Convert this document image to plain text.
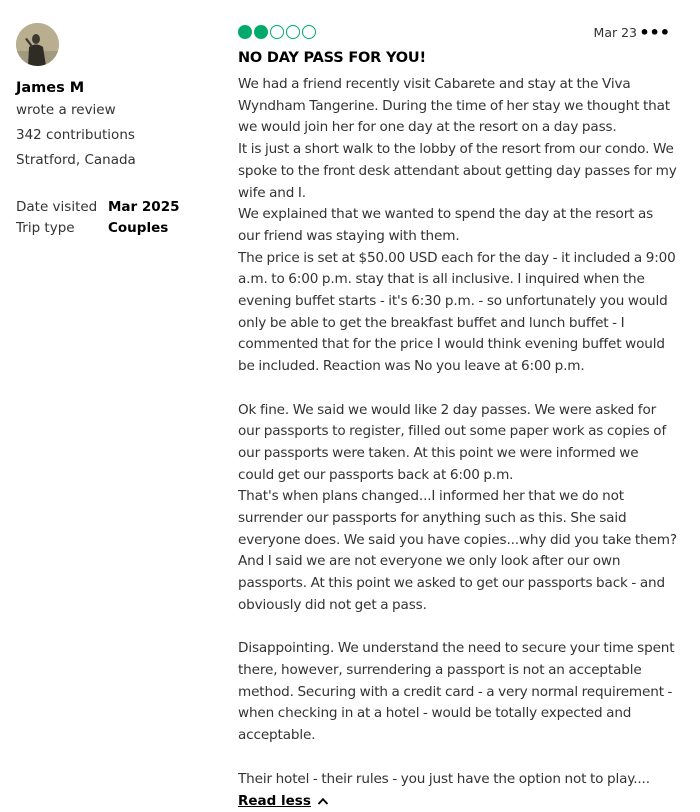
James M
wrote a review
342 contributions
Stratford, Canada
Date visited Mar 2025
Trip type	Couples
Mar 23 •••
NO DAY PASS FOR YOU!
We had a friend recently visit Cabarete and stay at the Viva Wyndham Tangerine. During the time of her stay we thought that we would join her for one day at the resort on a day pass.
It is just a short walk to the lobby of the resort from our condo. We spoke to the front desk attendant about getting day passes for my wife and I.
We explained that we wanted to spend the day at the resort as our friend was staying with them.
The price is set at $50.00 USD each for the day - it included a 9:00 a.m. to 6:00 p.m. stay that is all inclusive. I inquired when the evening buffet starts - it's 6:30 p.m. - so unfortunately you would only be able to get the breakfast buffet and lunch buffet - I commented that for the price I would think evening buffet would be included. Reaction was No you leave at 6:00 p.m.

Ok fine. We said we would like 2 day passes. We were asked for our passports to register, filled out some paper work as copies of our passports were taken. At this point we were informed we could get our passports back at 6:00 p.m.
That's when plans changed...I informed her that we do not surrender our passports for anything such as this. She said everyone does. We said you have copies...why did you take them? And I said we are not everyone we only look after our own passports. At this point we asked to get our passports back - and obviously did not get a pass.

Disappointing. We understand the need to secure your time spent there, however, surrendering a passport is not an acceptable method. Securing with a credit card - a very normal requirement - when checking in at a hotel - would be totally expected and acceptable.

Their hotel - their rules - you just have the option not to play....
Read less
